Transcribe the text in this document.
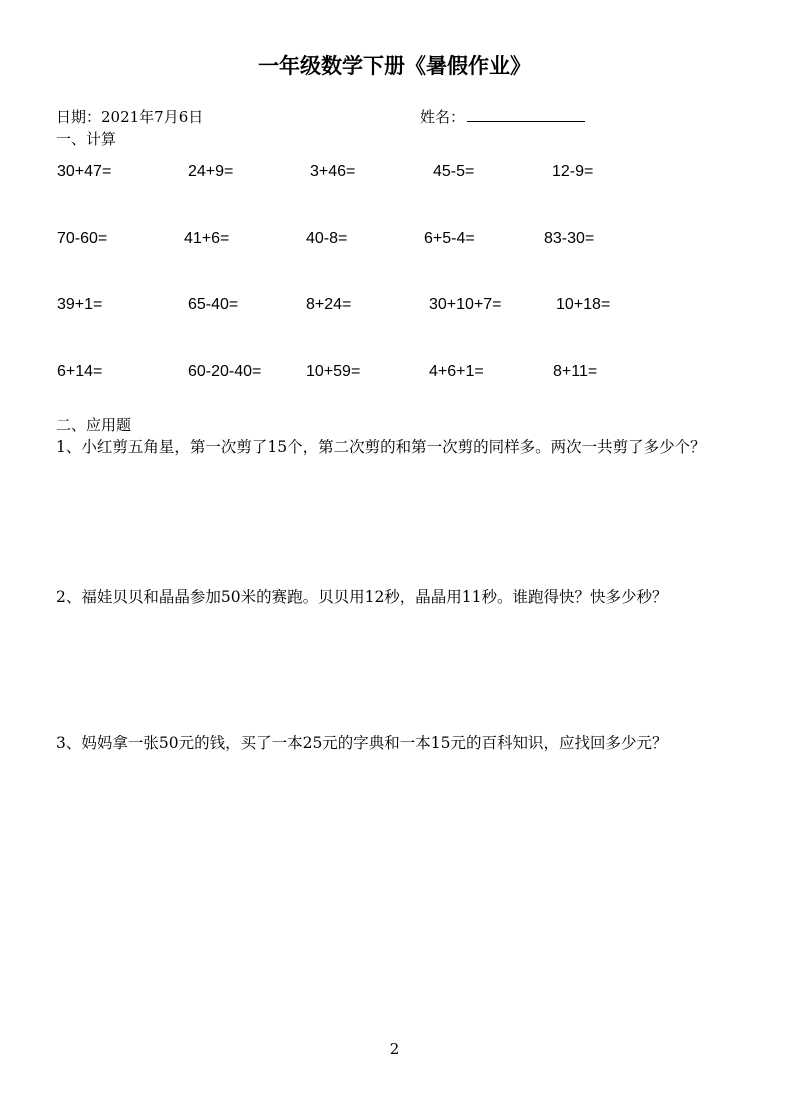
一年级数学下册《暑假作业》
日期：2021年7月6日	姓名：
一、计算
30+47=	24+9=	3+46=	45-5=	12-9=
70-60=	41+6=	40-8=	6+5-4=	83-30=
39+1=	65-40=	8+24=	30+10+7=	10+18=
6+14=	60-20-40=	10+59=	4+6+1=	8+11=
二、应用题
1、小红剪五角星，第一次剪了15个，第二次剪的和第一次剪的同样多。两次一共剪了多少个？
2、福娃贝贝和晶晶参加50米的赛跑。贝贝用12秒，晶晶用11秒。谁跑得快？快多少秒？
3、妈妈拿一张50元的钱，买了一本25元的字典和一本15元的百科知识，应找回多少元？
2
